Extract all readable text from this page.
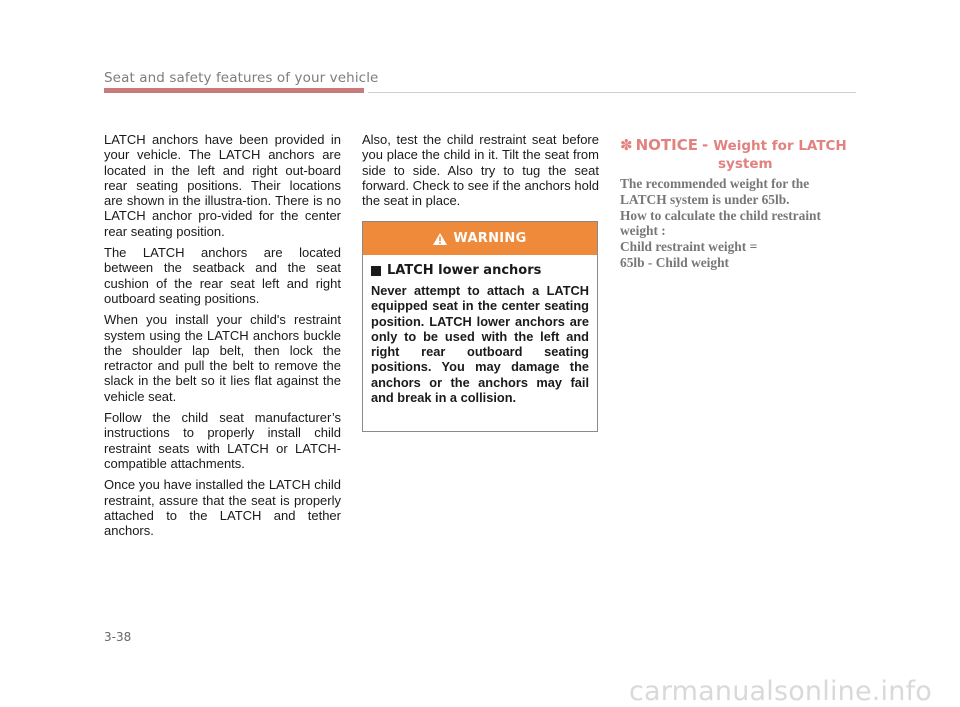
Seat and safety features of your vehicle

LATCH anchors have been provided in your vehicle. The LATCH anchors are located in the left and right out-board rear seating positions. Their locations are shown in the illustra-tion. There is no LATCH anchor pro-vided for the center rear seating position.

The LATCH anchors are located between the seatback and the seat cushion of the rear seat left and right outboard seating positions.

When you install your child's restraint system using the LATCH anchors buckle the shoulder lap belt, then lock the retractor and pull the belt to remove the slack in the belt so it lies flat against the vehicle seat.

Follow the child seat manufacturer’s instructions to properly install child restraint seats with LATCH or LATCH-compatible attachments.

Once you have installed the LATCH child restraint, assure that the seat is properly attached to the LATCH and tether anchors.

Also, test the child restraint seat before you place the child in it. Tilt the seat from side to side. Also try to tug the seat forward. Check to see if the anchors hold the seat in place.

WARNING
LATCH lower anchors
Never attempt to attach a LATCH equipped seat in the center seating position. LATCH lower anchors are only to be used with the left and right rear outboard seating positions. You may damage the anchors or the anchors may fail and break in a collision.
✽ NOTICE - Weight for LATCH
system
The recommended weight for the
LATCH system is under 65lb.
How to calculate the child restraint
weight :
Child restraint weight =
65lb - Child weight
3-38
carmanualsonline.info
